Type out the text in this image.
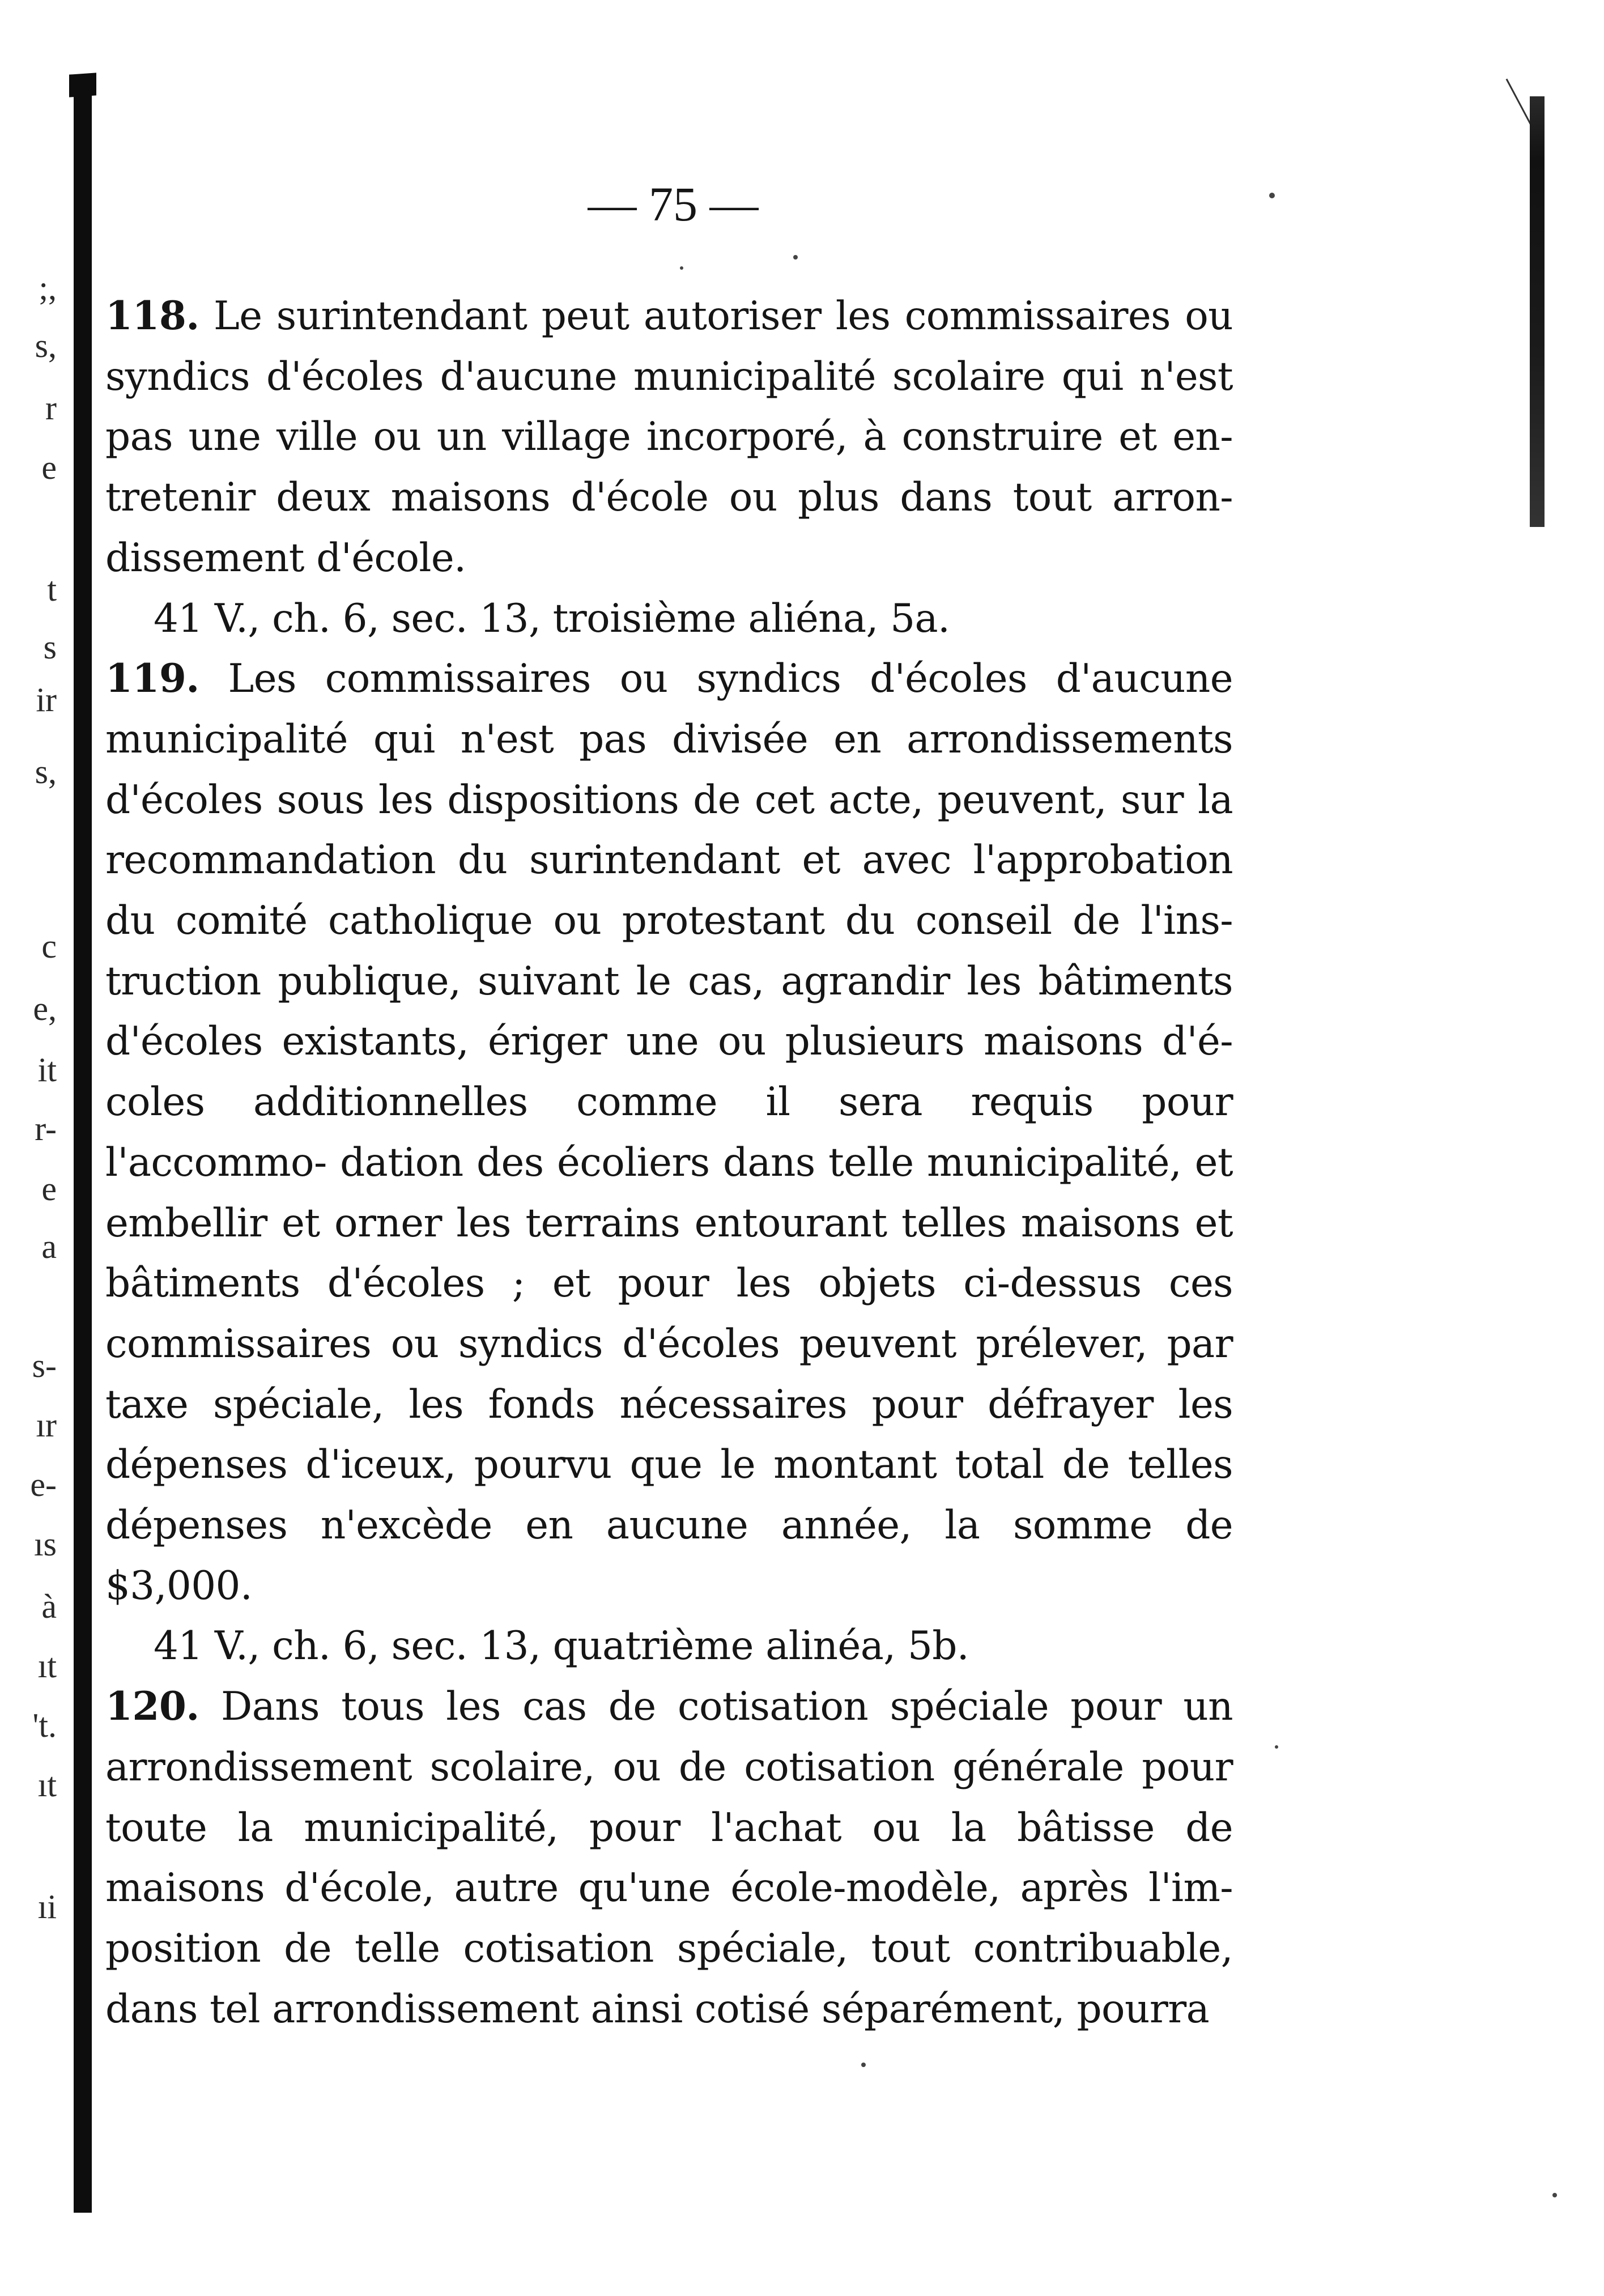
;,
s,
r
e
t
s
ir
s,
c
e,
it
r-
e
a
s-
ır
e-
ıs
à
ıt
't.
ıt
ıi
— 75 —

118. Le surintendant peut autoriser les commissaires ou syndics d'écoles d'aucune municipalité scolaire qui n'est pas une ville ou un village incorporé, à construire et en- tretenir deux maisons d'école ou plus dans tout arron- dissement d'école.

41 V., ch. 6, sec. 13, troisième aliéna, 5a.

119. Les commissaires ou syndics d'écoles d'aucune municipalité qui n'est pas divisée en arrondissements d'écoles sous les dispositions de cet acte, peuvent, sur la recommandation du surintendant et avec l'approbation du comité catholique ou protestant du conseil de l'ins- truction publique, suivant le cas, agrandir les bâtiments d'écoles existants, ériger une ou plusieurs maisons d'é- coles additionnelles comme il sera requis pour l'accommo- dation des écoliers dans telle municipalité, et embellir et orner les terrains entourant telles maisons et bâtiments d'écoles ; et pour les objets ci-dessus ces commissaires ou syndics d'écoles peuvent prélever, par taxe spéciale, les fonds nécessaires pour défrayer les dépenses d'iceux, pourvu que le montant total de telles dépenses n'excède en aucune année, la somme de $3,000.

41 V., ch. 6, sec. 13, quatrième alinéa, 5b.

120. Dans tous les cas de cotisation spéciale pour un arrondissement scolaire, ou de cotisation générale pour toute la municipalité, pour l'achat ou la bâtisse de maisons d'école, autre qu'une école-modèle, après l'im- position de telle cotisation spéciale, tout contribuable, dans tel arrondissement ainsi cotisé séparément, pourra
